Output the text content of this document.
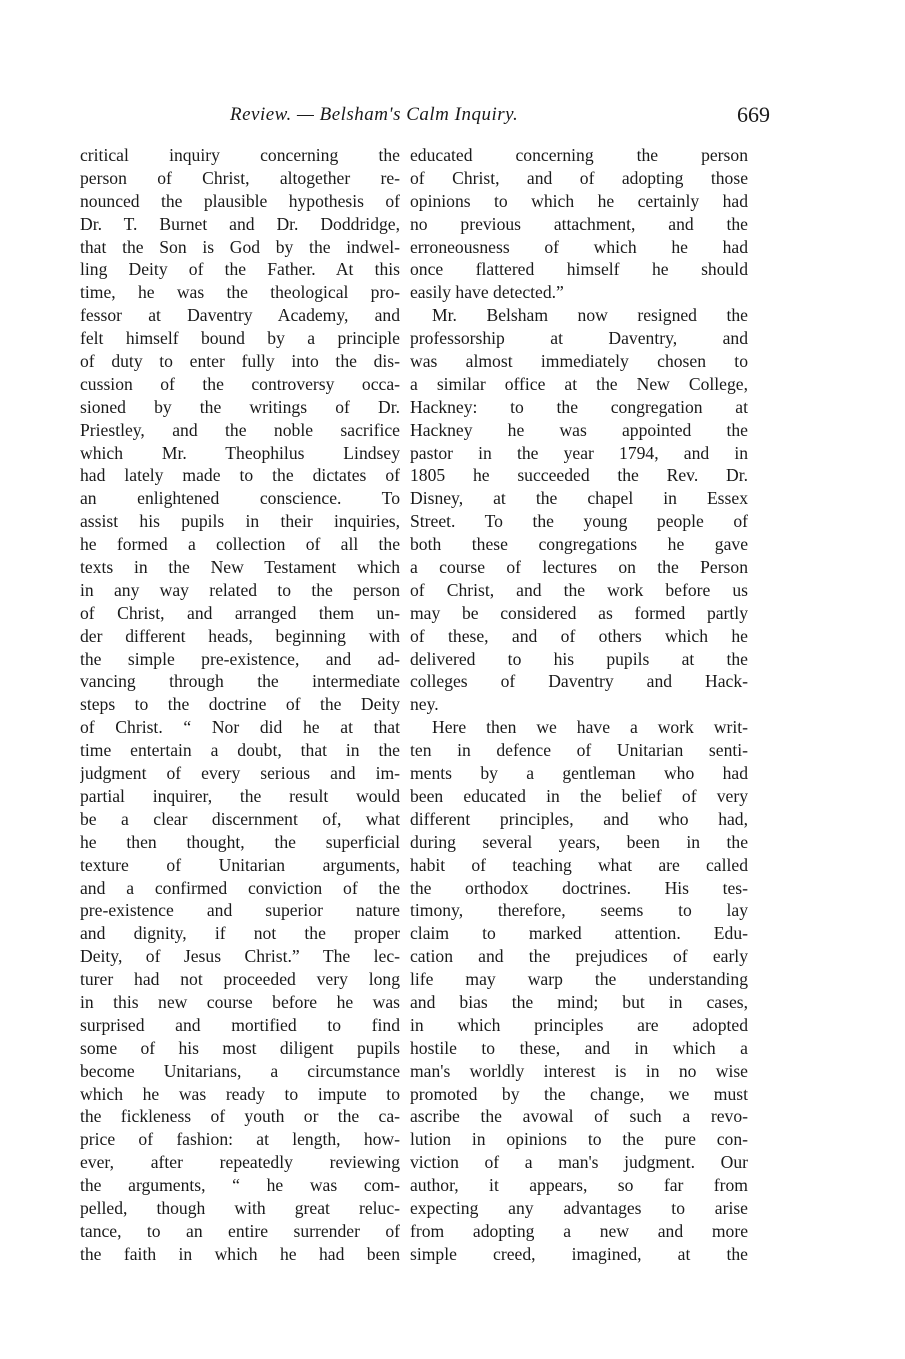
Review. — Belsham's Calm Inquiry.	669
critical inquiry concerning the
person of Christ, altogether re-
nounced the plausible hypothesis of
Dr. T. Burnet and Dr. Doddridge,
that the Son is God by the indwel-
ling Deity of the Father. At this
time, he was the theological pro-
fessor at Daventry Academy, and
felt himself bound by a principle
of duty to enter fully into the dis-
cussion of the controversy occa-
sioned by the writings of Dr.
Priestley, and the noble sacrifice
which Mr. Theophilus Lindsey
had lately made to the dictates of
an enlightened conscience. To
assist his pupils in their inquiries,
he formed a collection of all the
texts in the New Testament which
in any way related to the person
of Christ, and arranged them un-
der different heads, beginning with
the simple pre-existence, and ad-
vancing through the intermediate
steps to the doctrine of the Deity
of Christ. “ Nor did he at that
time entertain a doubt, that in the
judgment of every serious and im-
partial inquirer, the result would
be a clear discernment of, what
he then thought, the superficial
texture of Unitarian arguments,
and a confirmed conviction of the
pre-existence and superior nature
and dignity, if not the proper
Deity, of Jesus Christ.” The lec-
turer had not proceeded very long
in this new course before he was
surprised and mortified to find
some of his most diligent pupils
become Unitarians, a circumstance
which he was ready to impute to
the fickleness of youth or the ca-
price of fashion: at length, how-
ever, after repeatedly reviewing
the arguments, “ he was com-
pelled, though with great reluc-
tance, to an entire surrender of
the faith in which he had been
educated concerning the person
of Christ, and of adopting those
opinions to which he certainly had
no previous attachment, and the
erroneousness of which he had
once flattered himself he should
easily have detected.”
Mr. Belsham now resigned the
professorship at Daventry, and
was almost immediately chosen to
a similar office at the New College,
Hackney: to the congregation at
Hackney he was appointed the
pastor in the year 1794, and in
1805 he succeeded the Rev. Dr.
Disney, at the chapel in Essex
Street. To the young people of
both these congregations he gave
a course of lectures on the Person
of Christ, and the work before us
may be considered as formed partly
of these, and of others which he
delivered to his pupils at the
colleges of Daventry and Hack-
ney.
Here then we have a work writ-
ten in defence of Unitarian senti-
ments by a gentleman who had
been educated in the belief of very
different principles, and who had,
during several years, been in the
habit of teaching what are called
the orthodox doctrines. His tes-
timony, therefore, seems to lay
claim to marked attention. Edu-
cation and the prejudices of early
life may warp the understanding
and bias the mind; but in cases,
in which principles are adopted
hostile to these, and in which a
man's worldly interest is in no wise
promoted by the change, we must
ascribe the avowal of such a revo-
lution in opinions to the pure con-
viction of a man's judgment. Our
author, it appears, so far from
expecting any advantages to arise
from adopting a new and more
simple creed, imagined, at the
